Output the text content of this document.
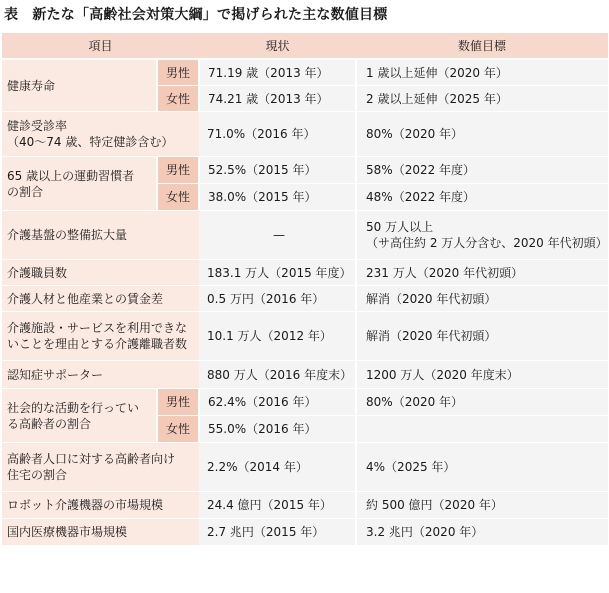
表　新たな「高齢社会対策大綱」で掲げられた主な数値目標
項目		現状	数値目標
健康寿命	男性	71.19 歳（2013 年）	1 歳以上延伸（2020 年）
	女性	74.21 歳（2013 年）	2 歳以上延伸（2025 年）

健診受診率
（40〜74 歳、特定健診含む）		71.0%（2016 年）	80%（2020 年）

65 歳以上の運動習慣者
の割合	男性	52.5%（2015 年）	58%（2022 年度）
	女性	38.0%（2015 年）	48%（2022 年度）
介護基盤の整備拡大量		—	50 万人以上
（サ高住約 2 万人分含む、2020 年代初頭）

介護職員数		183.1 万人（2015 年度）	231 万人（2020 年代初頭）
介護人材と他産業との賃金差		0.5 万円（2016 年）	解消（2020 年代初頭）

介護施設・サービスを利用できな
いことを理由とする介護離職者数		10.1 万人（2012 年）	解消（2020 年代初頭）
認知症サポーター		880 万人（2016 年度末）	1200 万人（2020 年度末）

社会的な活動を行ってい
る高齢者の割合	男性	62.4%（2016 年）	80%（2020 年）
	女性	55.0%（2016 年）	

高齢者人口に対する高齢者向け
住宅の割合		2.2%（2014 年）	4%（2025 年）
ロボット介護機器の市場規模		24.4 億円（2015 年）	約 500 億円（2020 年）
国内医療機器市場規模		2.7 兆円（2015 年）	3.2 兆円（2020 年）
